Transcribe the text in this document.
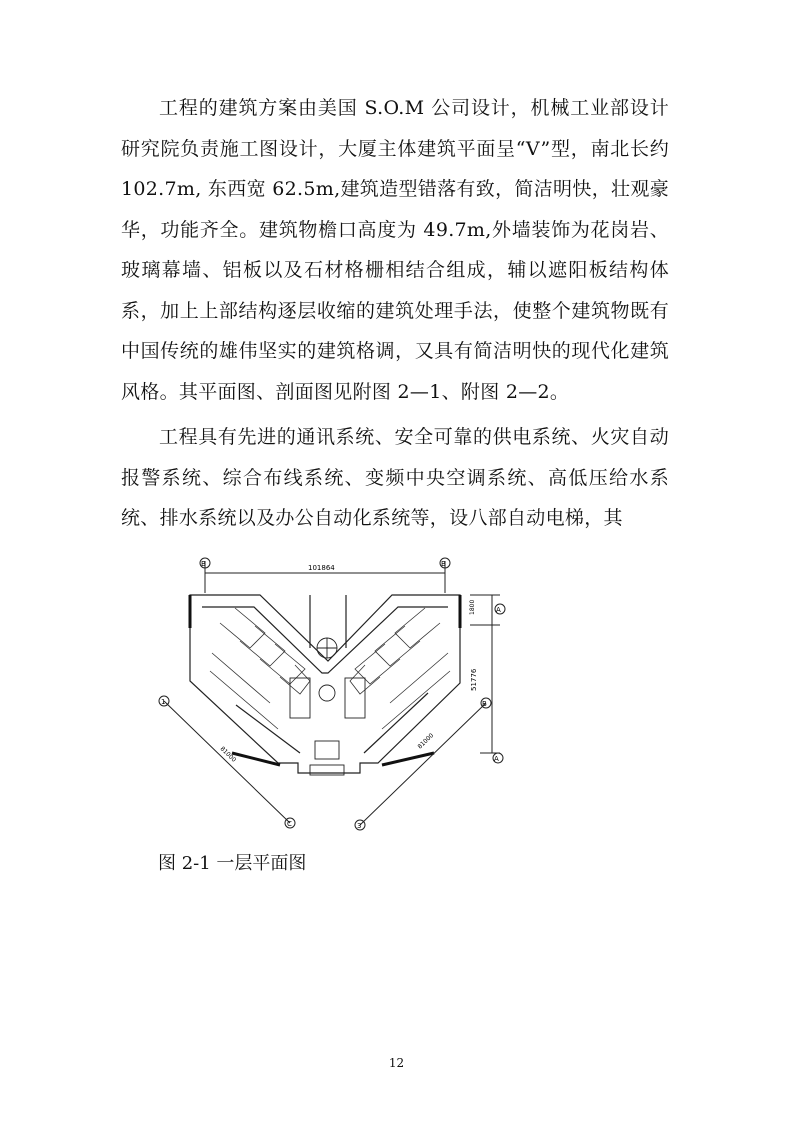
工程的建筑方案由美国 S.O.M 公司设计，机械工业部设计研究院负责施工图设计，大厦主体建筑平面呈“V”型，南北长约 102.7m, 东西宽 62.5m,建筑造型错落有致，简洁明快，壮观豪华，功能齐全。建筑物檐口高度为 49.7m,外墙装饰为花岗岩、玻璃幕墙、铝板以及石材格栅相结合组成，辅以遮阳板结构体系，加上上部结构逐层收缩的建筑处理手法，使整个建筑物既有中国传统的雄伟坚实的建筑格调，又具有简洁明快的现代化建筑风格。其平面图、剖面图见附图 2—1、附图 2—2。

工程具有先进的通讯系统、安全可靠的供电系统、火灾自动报警系统、综合布线系统、变频中央空调系统、高低压给水系统、排水系统以及办公自动化系统等，设八部自动电梯，其

B	B
101864
A
B
A
1800
51776
1
C	3
81000
81000
图 2-1 一层平面图
12
